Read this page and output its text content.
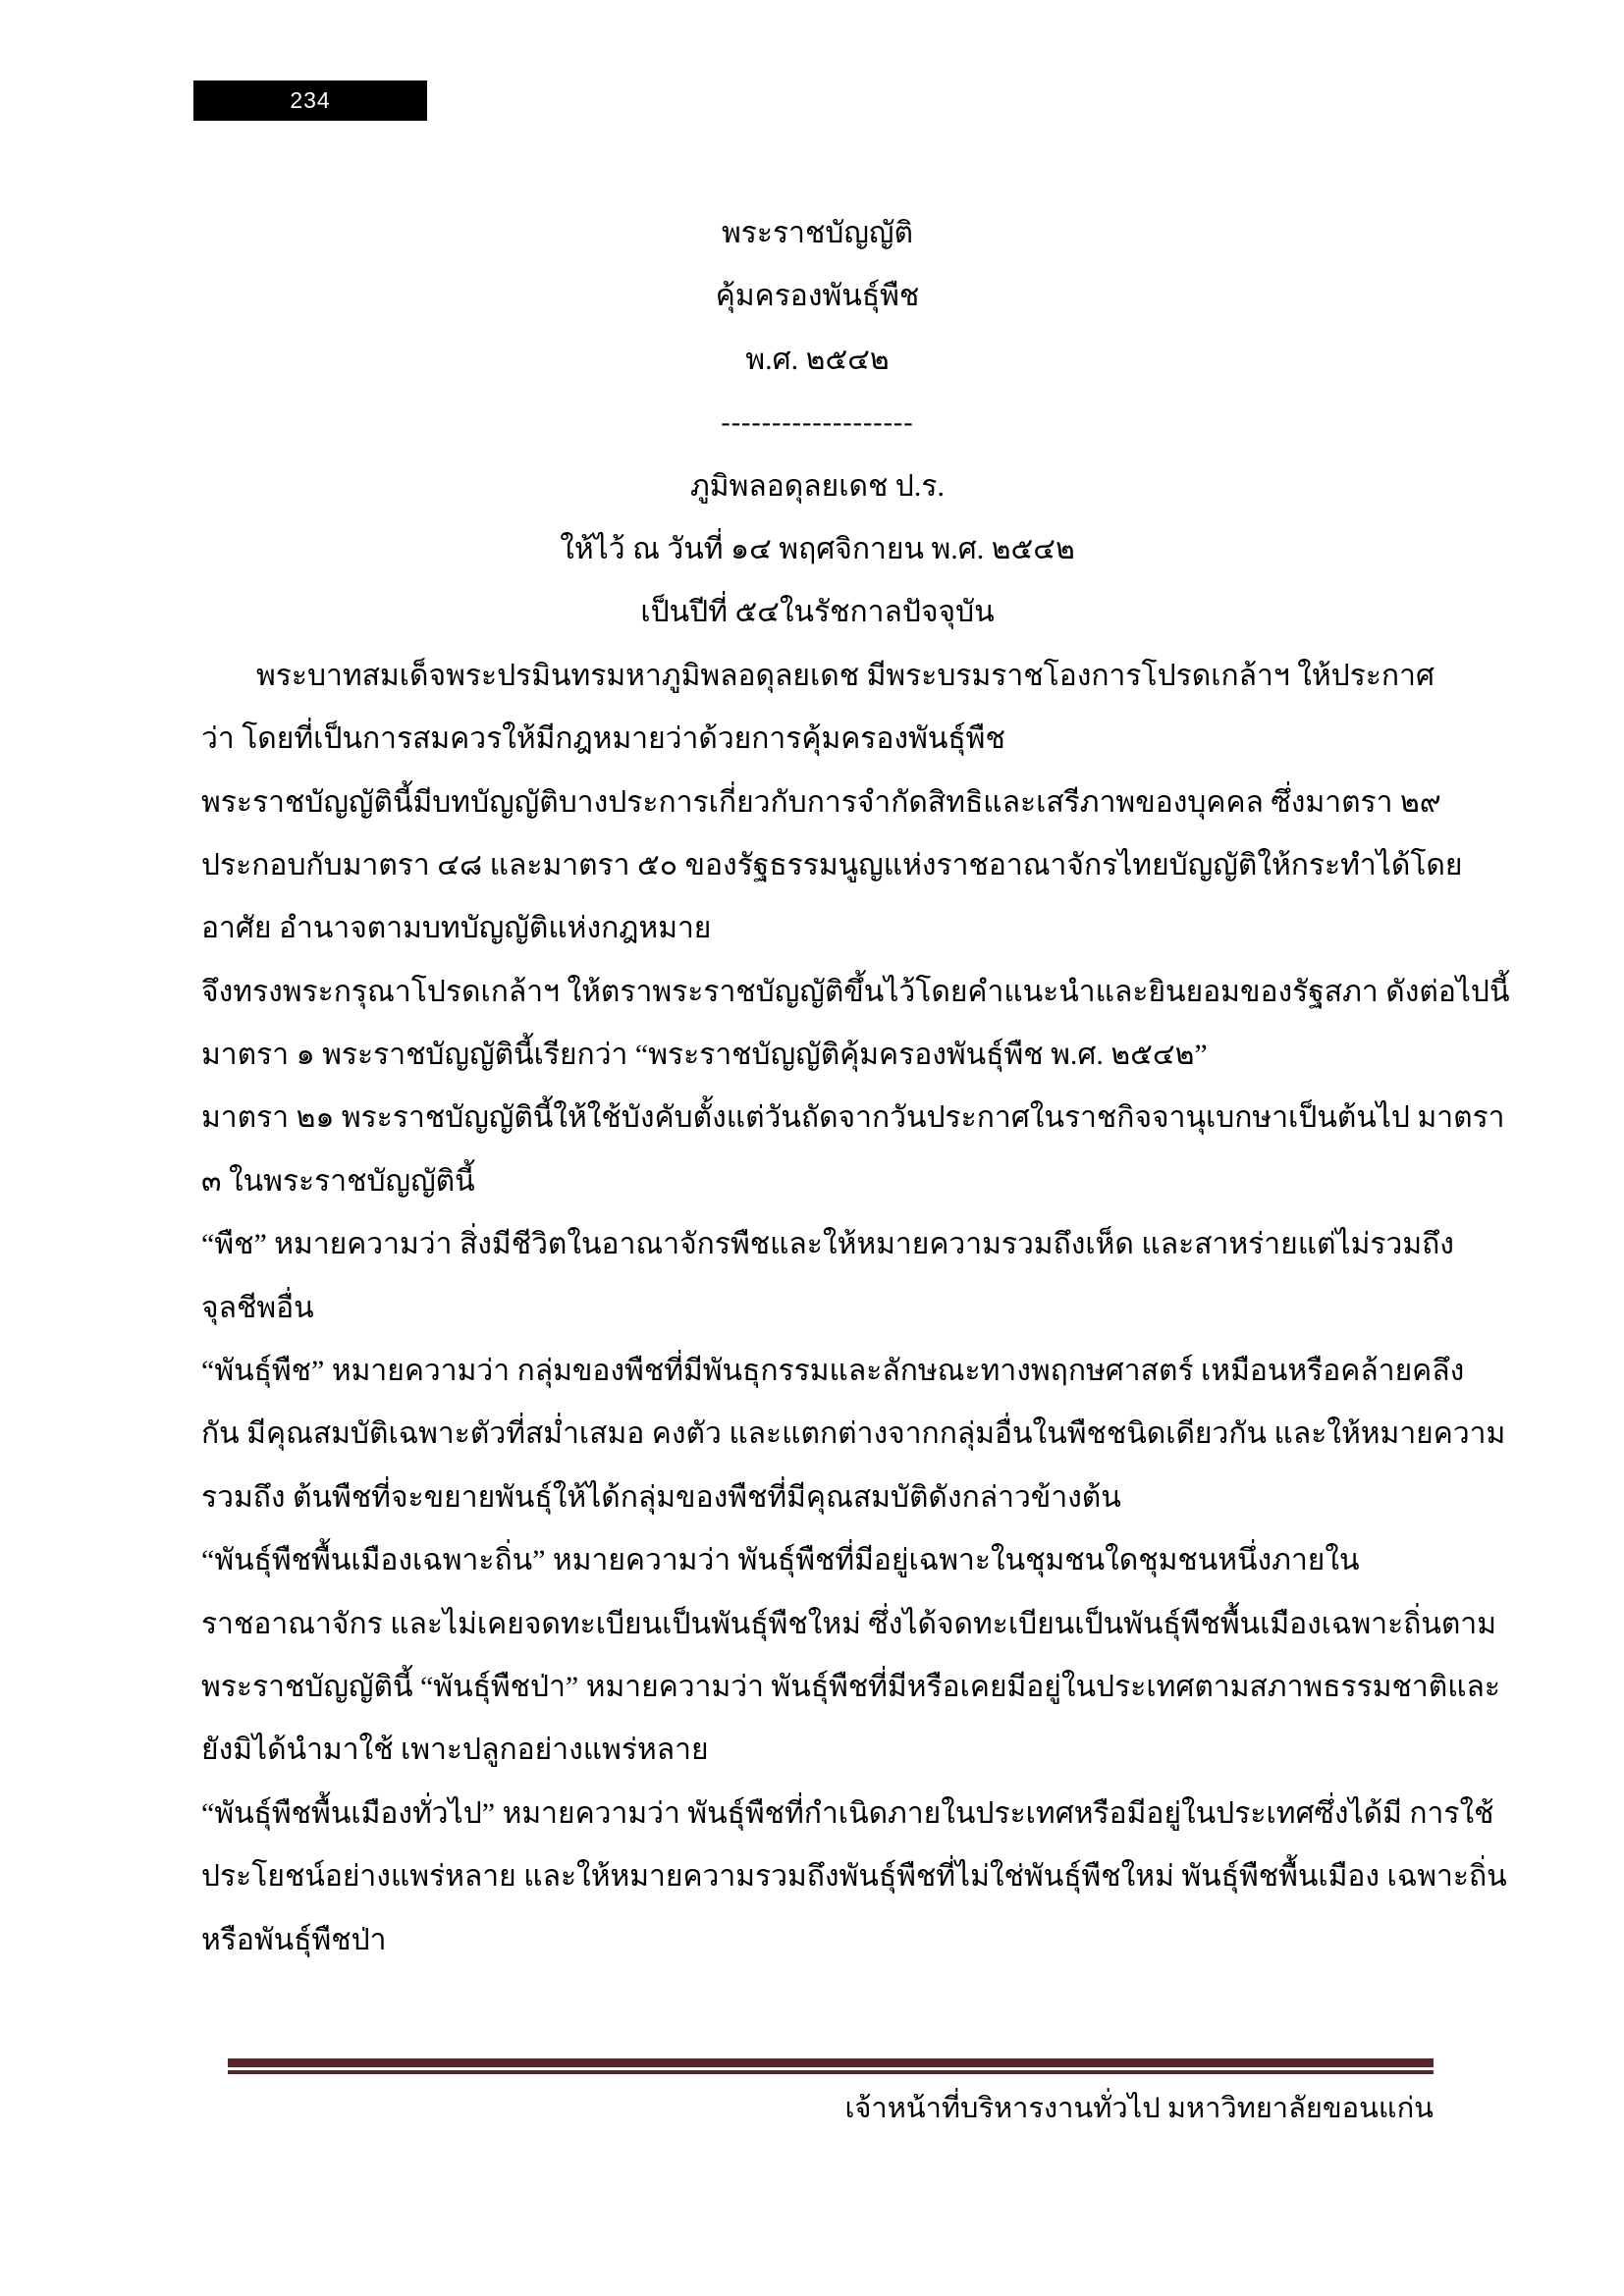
234
พระราชบัญญัติ
คุ้มครองพันธุ์พืช
พ.ศ. ๒๕๔๒
-------------------
ภูมิพลอดุลยเดช ป.ร.
ให้ไว้ ณ วันที่ ๑๔ พฤศจิกายน พ.ศ. ๒๕๔๒
เป็นปีที่ ๕๔ในรัชกาลปัจจุบัน
พระบาทสมเด็จพระปรมินทรมหาภูมิพลอดุลยเดช มีพระบรมราชโองการโปรดเกล้าฯ ให้ประกาศ
ว่า โดยที่เป็นการสมควรให้มีกฎหมายว่าด้วยการคุ้มครองพันธุ์พืช
พระราชบัญญัตินี้มีบทบัญญัติบางประการเกี่ยวกับการจำกัดสิทธิและเสรีภาพของบุคคล ซึ่งมาตรา ๒๙
ประกอบกับมาตรา ๔๘ และมาตรา ๕๐ ของรัฐธรรมนูญแห่งราชอาณาจักรไทยบัญญัติให้กระทำได้โดย
อาศัย อำนาจตามบทบัญญัติแห่งกฎหมาย
จึงทรงพระกรุณาโปรดเกล้าฯ ให้ตราพระราชบัญญัติขึ้นไว้โดยคำแนะนำและยินยอมของรัฐสภา ดังต่อไปนี้
มาตรา ๑ พระราชบัญญัตินี้เรียกว่า “พระราชบัญญัติคุ้มครองพันธุ์พืช พ.ศ. ๒๕๔๒”
มาตรา ๒๑ พระราชบัญญัตินี้ให้ใช้บังคับตั้งแต่วันถัดจากวันประกาศในราชกิจจานุเบกษาเป็นต้นไป มาตรา
๓ ในพระราชบัญญัตินี้
“พืช” หมายความว่า สิ่งมีชีวิตในอาณาจักรพืชและให้หมายความรวมถึงเห็ด และสาหร่ายแต่ไม่รวมถึง
จุลชีพอื่น
“พันธุ์พืช” หมายความว่า กลุ่มของพืชที่มีพันธุกรรมและลักษณะทางพฤกษศาสตร์ เหมือนหรือคล้ายคลึง
กัน มีคุณสมบัติเฉพาะตัวที่สม่ำเสมอ คงตัว และแตกต่างจากกลุ่มอื่นในพืชชนิดเดียวกัน และให้หมายความ
รวมถึง ต้นพืชที่จะขยายพันธุ์ให้ได้กลุ่มของพืชที่มีคุณสมบัติดังกล่าวข้างต้น
“พันธุ์พืชพื้นเมืองเฉพาะถิ่น” หมายความว่า พันธุ์พืชที่มีอยู่เฉพาะในชุมชนใดชุมชนหนึ่งภายใน
ราชอาณาจักร และไม่เคยจดทะเบียนเป็นพันธุ์พืชใหม่ ซึ่งได้จดทะเบียนเป็นพันธุ์พืชพื้นเมืองเฉพาะถิ่นตาม
พระราชบัญญัตินี้ “พันธุ์พืชป่า” หมายความว่า พันธุ์พืชที่มีหรือเคยมีอยู่ในประเทศตามสภาพธรรมชาติและ
ยังมิได้นำมาใช้ เพาะปลูกอย่างแพร่หลาย
“พันธุ์พืชพื้นเมืองทั่วไป” หมายความว่า พันธุ์พืชที่กำเนิดภายในประเทศหรือมีอยู่ในประเทศซึ่งได้มี การใช้
ประโยชน์อย่างแพร่หลาย และให้หมายความรวมถึงพันธุ์พืชที่ไม่ใช่พันธุ์พืชใหม่ พันธุ์พืชพื้นเมือง เฉพาะถิ่น
หรือพันธุ์พืชป่า
เจ้าหน้าที่บริหารงานทั่วไป มหาวิทยาลัยขอนแก่น
